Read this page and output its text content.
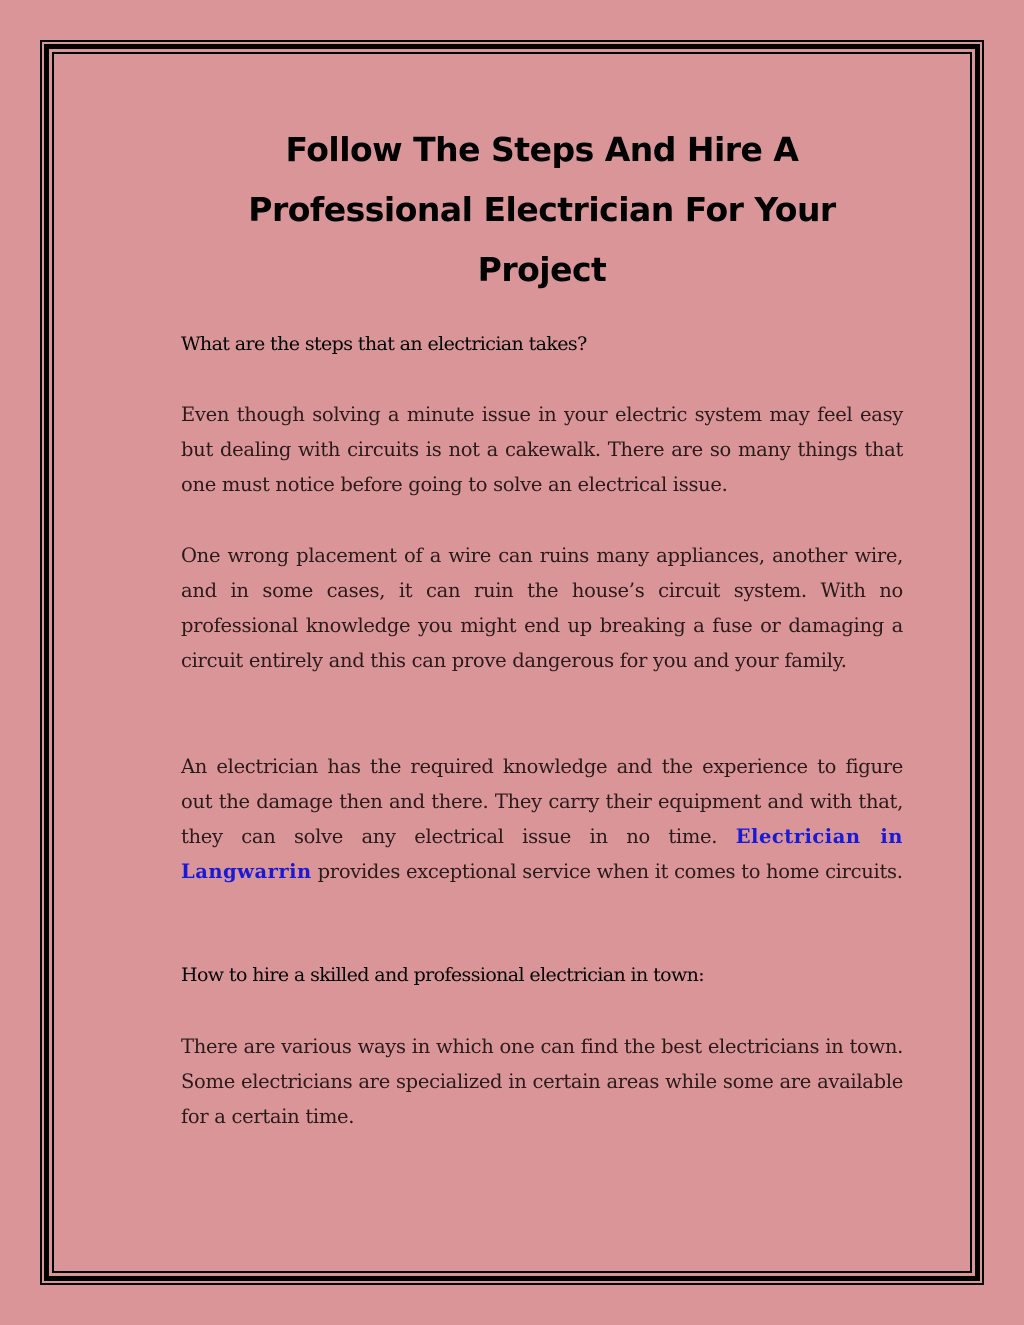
Follow The Steps And Hire A

Professional Electrician For Your Project

What are the steps that an electrician takes?

Even though solving a minute issue in your electric system may feel easy but dealing with circuits is not a cakewalk. There are so many things that one must notice before going to solve an electrical issue.

One wrong placement of a wire can ruins many appliances, another wire, and in some cases, it can ruin the house’s circuit system. With no professional knowledge you might end up breaking a fuse or damaging a circuit entirely and this can prove dangerous for you and your family.

An electrician has the required knowledge and the experience to figure out the damage then and there. They carry their equipment and with that, they can solve any electrical issue in no time. Electrician in Langwarrin provides exceptional service when it comes to home circuits.

How to hire a skilled and professional electrician in town:

There are various ways in which one can find the best electricians in town. Some electricians are specialized in certain areas while some are available for a certain time.
